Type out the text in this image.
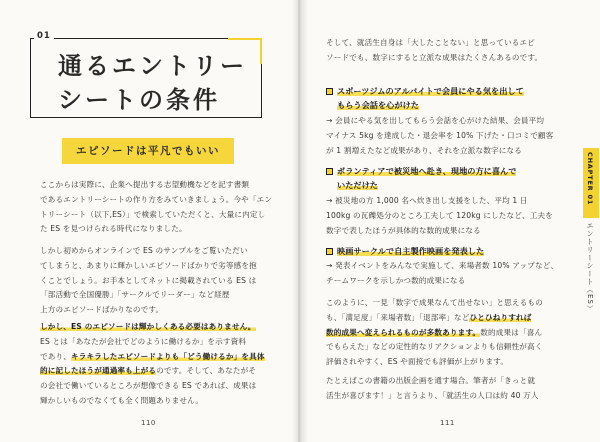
01
通るエントリー
シートの条件
エピソードは平凡でもいい
ここからは実際に、企業へ提出する志望動機などを記す書類
であるエントリーシートの作り方をみていきましょう。今や「エン
トリーシート（以下,ES）」で検索していただくと、大量に内定し
た ES を見つけられる時代になりました。
しかし初めからオンラインで ES のサンプルをご覧いただい
てしまうと、あまりに輝かしいエピソードばかりで劣等感を抱
くことでしょう。お手本としてネットに掲載されている ES は
「部活動で全国優勝」「サークルでリーダー」など経歴
上方のエピソードばかりなのです。
しかし、ES のエピソードは輝かしくある必要はありません。
ES とは「あなたが会社でどのように働けるか」を示す資料
であり、キラキラしたエピソードよりも「どう働けるか」を具体
的に記したほうが通過率も上がるのです。そして、あなたがそ
の会社で働いているところが想像できる ES であれば、成果は
輝かしいものでなくても全く問題ありません。
110
そして、就活生自身は「大したことない」と思っているエピ
ソードでも、数字にすると立派な成果はたくさんあるのです。
スポーツジムのアルバイトで会員にやる気を出して
もらう会話を心がけた
→ 会員にやる気を出してもらう会話を心がけた結果、会員平均
マイナス 5kg を達成した・退会率を 10% 下げた・口コミで顧客
が 1 割増えたなど成果があり、それを立派な数字になる
ボランティアで被災地へ赴き、現地の方に喜んで
いただけた
→ 被災地の方 1,000 名へ炊き出し支援をした、平均 1 日
100kg の瓦礫処分のところ工夫して 120kg にしたなど、工夫を
数字で表したほうが具体的な数的成果になる
映画サークルで自主製作映画を発表した
→ 発表イベントをみんなで実施して、来場者数 10% アップなど、
チームワークを示しかつ数的成果になる
このように、一見「数字で成果なんて出せない」と思えるもの
も、「満足度」「来場者数」「退部率」などひとひねりすれば
数的成果へ変えられるものが多数あります。数的成果は「喜ん
でもらえた」などの定性的なリアクションよりも信頼性が高く
評価されやすく、ES や面接でも評価が上がります。
たとえばこの書籍の出版企画を通す場合。筆者が「きっと就
活生が喜びます！」と言うより、「就活生の人口は約 40 万人
111
CHAPTER 01
エントリーシート（ES）
